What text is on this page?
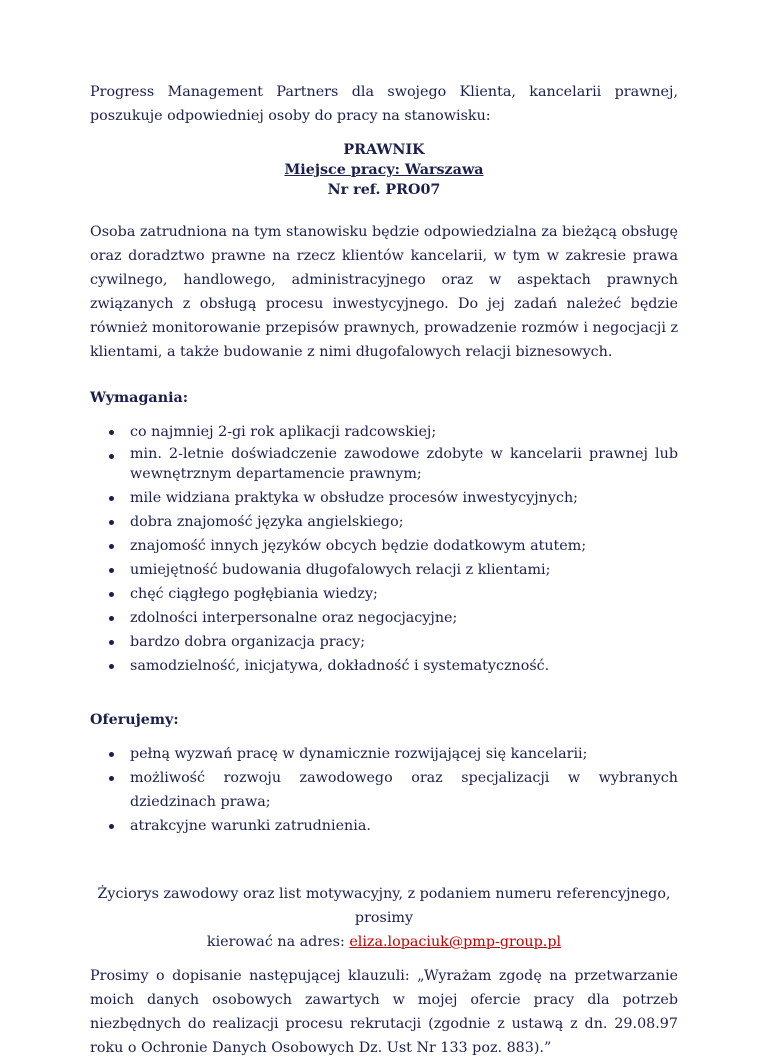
Progress Management Partners dla swojego Klienta, kancelarii prawnej, poszukuje odpowiedniej osoby do pracy na stanowisku:

PRAWNIK
Miejsce pracy: Warszawa
Nr ref. PRO07

Osoba zatrudniona na tym stanowisku będzie odpowiedzialna za bieżącą obsługę oraz doradztwo prawne na rzecz klientów kancelarii, w tym w zakresie prawa cywilnego, handlowego, administracyjnego oraz w aspektach prawnych związanych z obsługą procesu inwestycyjnego. Do jej zadań należeć będzie również monitorowanie przepisów prawnych, prowadzenie rozmów i negocjacji z klientami, a także budowanie z nimi długofalowych relacji biznesowych.

Wymagania:

co najmniej 2-gi rok aplikacji radcowskiej;
min. 2-letnie doświadczenie zawodowe zdobyte w kancelarii prawnej lub wewnętrznym departamencie prawnym;
mile widziana praktyka w obsłudze procesów inwestycyjnych;
dobra znajomość języka angielskiego;
znajomość innych języków obcych będzie dodatkowym atutem;
umiejętność budowania długofalowych relacji z klientami;
chęć ciągłego pogłębiania wiedzy;
zdolności interpersonalne oraz negocjacyjne;
bardzo dobra organizacja pracy;
samodzielność, inicjatywa, dokładność i systematyczność.

Oferujemy:

pełną wyzwań pracę w dynamicznie rozwijającej się kancelarii;
możliwość rozwoju zawodowego oraz specjalizacji w wybranych dziedzinach prawa;
atrakcyjne warunki zatrudnienia.
Życiorys zawodowy oraz list motywacyjny, z podaniem numeru referencyjnego, prosimy
kierować na adres: eliza.lopaciuk@pmp-group.pl

Prosimy o dopisanie następującej klauzuli: „Wyrażam zgodę na przetwarzanie moich danych osobowych zawartych w mojej ofercie pracy dla potrzeb niezbędnych do realizacji procesu rekrutacji (zgodnie z ustawą z dn. 29.08.97 roku o Ochronie Danych Osobowych Dz. Ust Nr 133 poz. 883).”
